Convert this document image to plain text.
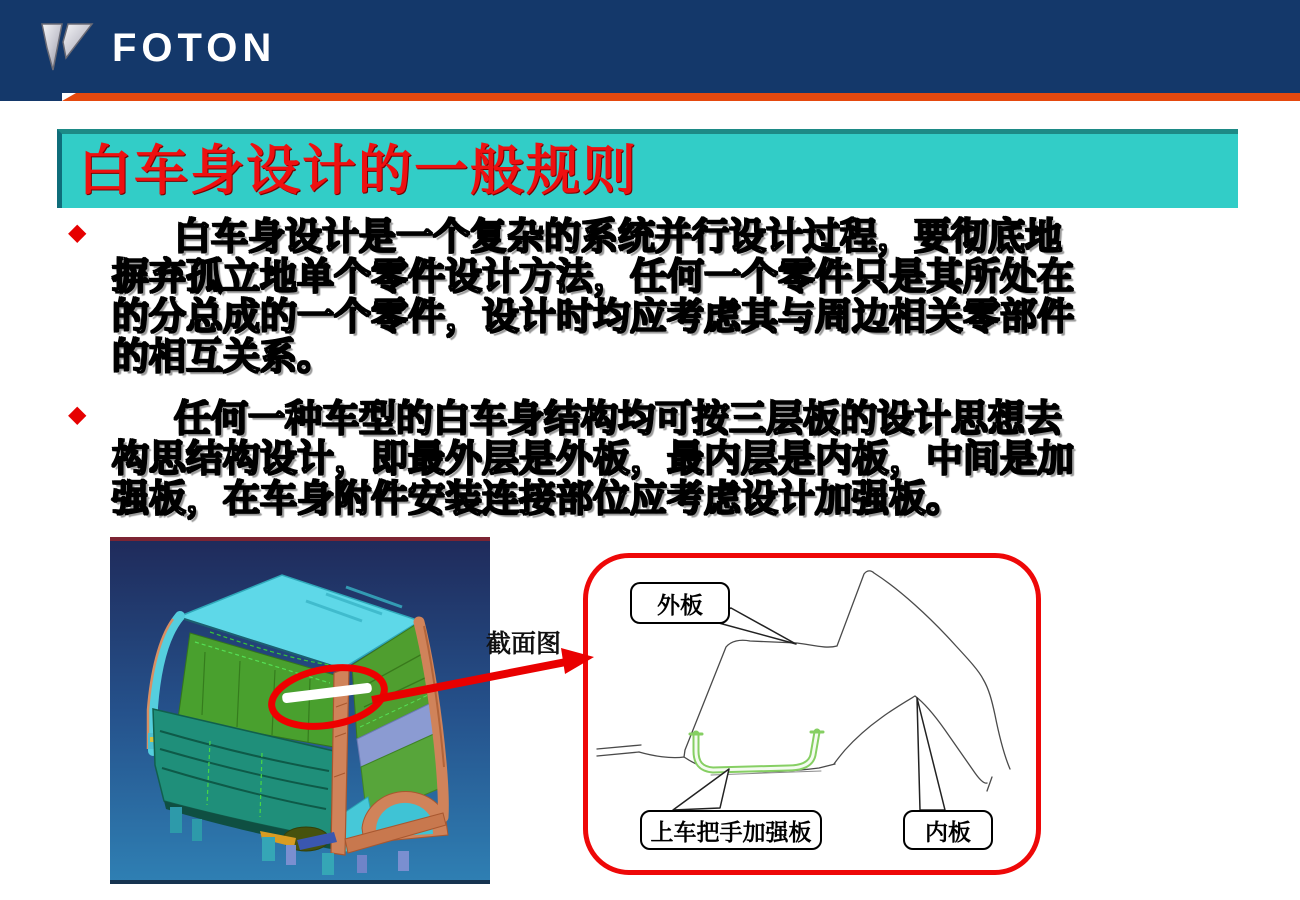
FOTON
白车身设计的一般规则
◆	白车身设计是一个复杂的系统并行设计过程，要彻底地
摒弃孤立地单个零件设计方法，任何一个零件只是其所处在
的分总成的一个零件，设计时均应考虑其与周边相关零部件
的相互关系。
◆	任何一种车型的白车身结构均可按三层板的设计思想去
构思结构设计，即最外层是外板，最内层是内板，中间是加
强板，在车身附件安装连接部位应考虑设计加强板。
截面图
外板
上车把手加强板	内板
